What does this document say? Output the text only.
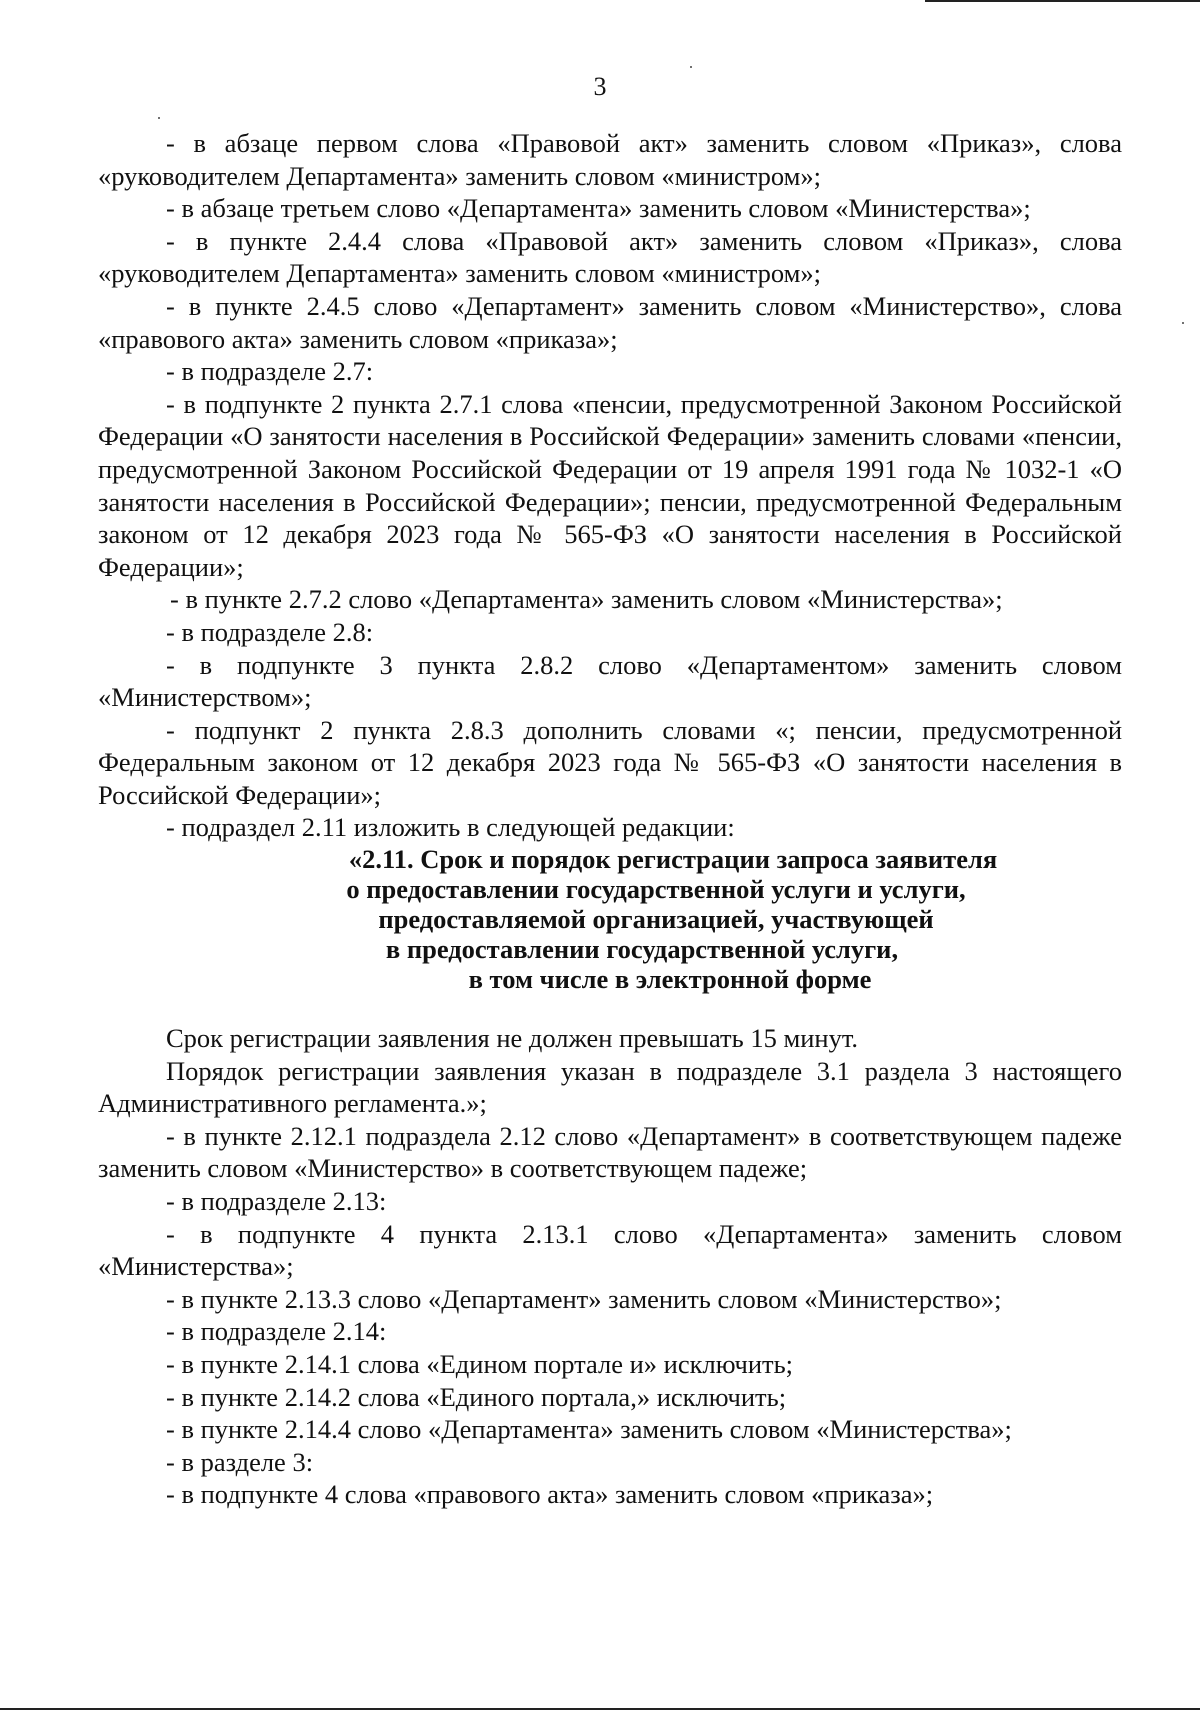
3

- в абзаце первом слова «Правовой акт» заменить словом «Приказ», слова «руководителем Департамента» заменить словом «министром»;

- в абзаце третьем слово «Департамента» заменить словом «Министерства»;

- в пункте 2.4.4 слова «Правовой акт» заменить словом «Приказ», слова «руководителем Департамента» заменить словом «министром»;

- в пункте 2.4.5 слово «Департамент» заменить словом «Министерство», слова «правового акта» заменить словом «приказа»;

- в подразделе 2.7:

- в подпункте 2 пункта 2.7.1 слова «пенсии, предусмотренной Законом Российской Федерации «О занятости населения в Российской Федерации» заменить словами «пенсии, предусмотренной Законом Российской Федерации от 19 апреля 1991 года № 1032-1 «О занятости населения в Российской Федерации»; пенсии, предусмотренной Федеральным законом от 12 декабря 2023 года № 565-ФЗ «О занятости населения в Российской Федерации»;

- в пункте 2.7.2 слово «Департамента» заменить словом «Министерства»;

- в подразделе 2.8:

- в подпункте 3 пункта 2.8.2 слово «Департаментом» заменить словом «Министерством»;

- подпункт 2 пункта 2.8.3 дополнить словами «; пенсии, предусмотренной Федеральным законом от 12 декабря 2023 года № 565-ФЗ «О занятости населения в Российской Федерации»;

- подраздел 2.11 изложить в следующей редакции:

«2.11. Срок и порядок регистрации запроса заявителя
о предоставлении государственной услуги и услуги,
предоставляемой организацией, участвующей
в предоставлении государственной услуги,
в том числе в электронной форме

Срок регистрации заявления не должен превышать 15 минут.

Порядок регистрации заявления указан в подразделе 3.1 раздела 3 настоящего Административного регламента.»;

- в пункте 2.12.1 подраздела 2.12 слово «Департамент» в соответствующем падеже заменить словом «Министерство» в соответствующем падеже;

- в подразделе 2.13:

- в подпункте 4 пункта 2.13.1 слово «Департамента» заменить словом «Министерства»;

- в пункте 2.13.3 слово «Департамент» заменить словом «Министерство»;

- в подразделе 2.14:

- в пункте 2.14.1 слова «Едином портале и» исключить;

- в пункте 2.14.2 слова «Единого портала,» исключить;

- в пункте 2.14.4 слово «Департамента» заменить словом «Министерства»;

- в разделе 3:

- в подпункте 4 слова «правового акта» заменить словом «приказа»;
